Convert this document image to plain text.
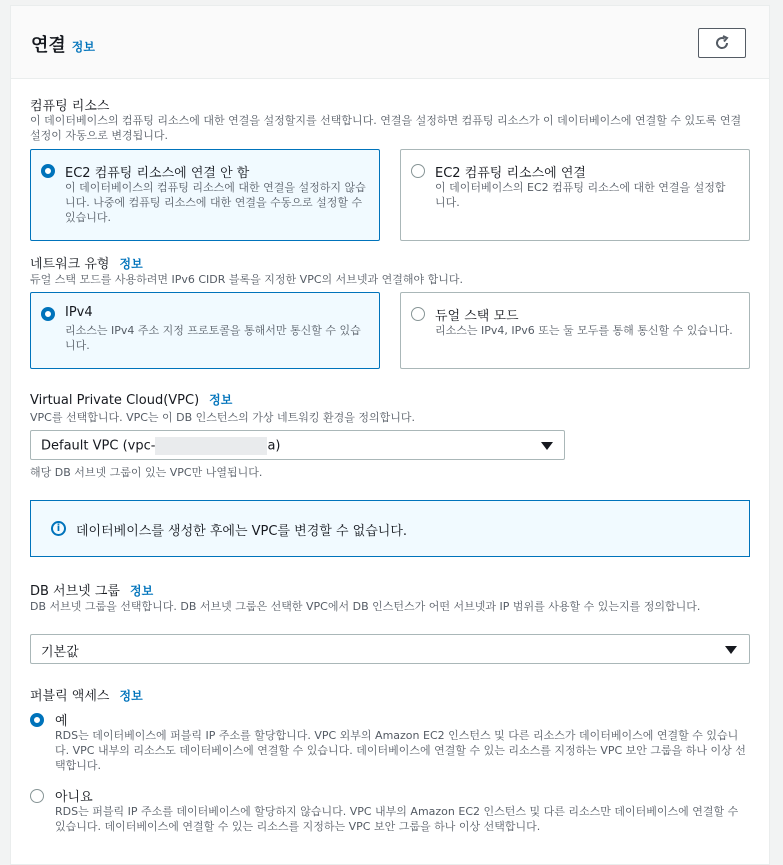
연결 정보
컴퓨팅 리소스
이 데이터베이스의 컴퓨팅 리소스에 대한 연결을 설정할지를 선택합니다. 연결을 설정하면 컴퓨팅 리소스가 이 데이터베이스에 연결할 수 있도록 연결 설정이 자동으로 변경됩니다.
EC2 컴퓨팅 리소스에 연결 안 함
이 데이터베이스의 컴퓨팅 리소스에 대한 연결을 설정하지 않습니다. 나중에 컴퓨팅 리소스에 대한 연결을 수동으로 설정할 수 있습니다.
EC2 컴퓨팅 리소스에 연결
이 데이터베이스의 EC2 컴퓨팅 리소스에 대한 연결을 설정합니다.
네트워크 유형 정보
듀얼 스택 모드를 사용하려면 IPv6 CIDR 블록을 지정한 VPC의 서브넷과 연결해야 합니다.
IPv4
리소스는 IPv4 주소 지정 프로토콜을 통해서만 통신할 수 있습니다.
듀얼 스택 모드
리소스는 IPv4, IPv6 또는 둘 모두를 통해 통신할 수 있습니다.
Virtual Private Cloud(VPC) 정보
VPC를 선택합니다. VPC는 이 DB 인스턴스의 가상 네트워킹 환경을 정의합니다.
Default VPC (vpc-	a)
해당 DB 서브넷 그룹이 있는 VPC만 나열됩니다.
i	데이터베이스를 생성한 후에는 VPC를 변경할 수 없습니다.
DB 서브넷 그룹 정보
DB 서브넷 그룹을 선택합니다. DB 서브넷 그룹은 선택한 VPC에서 DB 인스턴스가 어떤 서브넷과 IP 범위를 사용할 수 있는지를 정의합니다.
기본값
퍼블릭 액세스 정보
예
RDS는 데이터베이스에 퍼블릭 IP 주소를 할당합니다. VPC 외부의 Amazon EC2 인스턴스 및 다른 리소스가 데이터베이스에 연결할 수 있습니다. VPC 내부의 리소스도 데이터베이스에 연결할 수 있습니다. 데이터베이스에 연결할 수 있는 리소스를 지정하는 VPC 보안 그룹을 하나 이상 선택합니다.
아니요
RDS는 퍼블릭 IP 주소를 데이터베이스에 할당하지 않습니다. VPC 내부의 Amazon EC2 인스턴스 및 다른 리소스만 데이터베이스에 연결할 수 있습니다. 데이터베이스에 연결할 수 있는 리소스를 지정하는 VPC 보안 그룹을 하나 이상 선택합니다.
